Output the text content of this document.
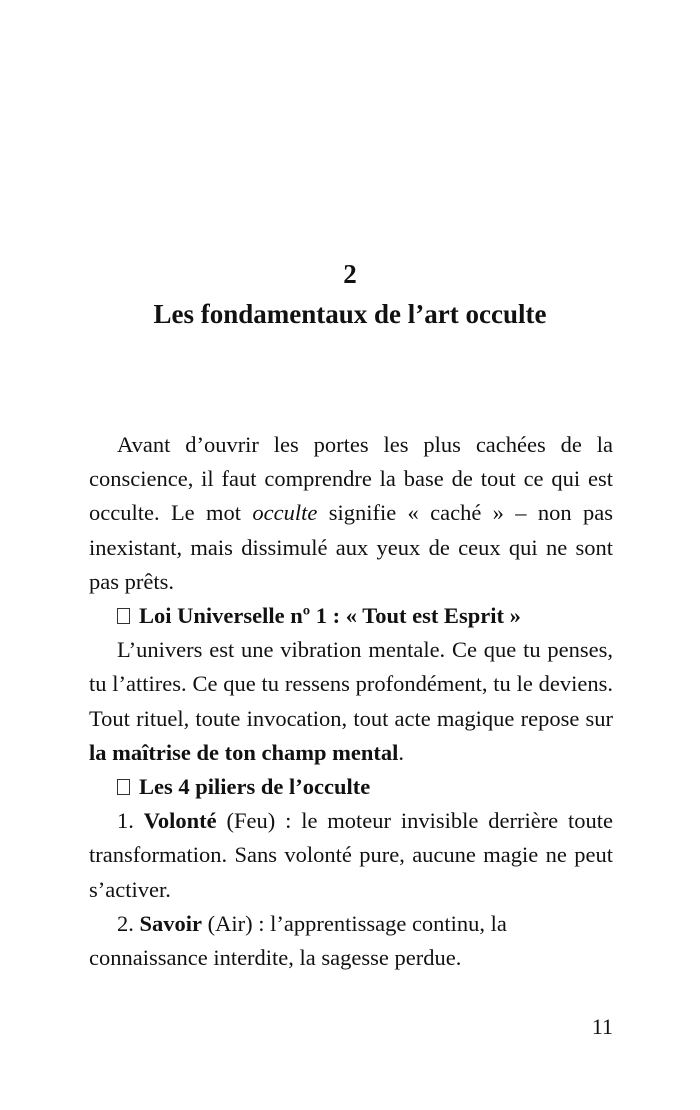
2
Les fondamentaux de l’art occulte

Avant d’ouvrir les portes les plus cachées de la conscience, il faut comprendre la base de tout ce qui est occulte. Le mot occulte signifie « caché » – non pas inexistant, mais dissimulé aux yeux de ceux qui ne sont pas prêts.

Loi Universelle nº 1 : « Tout est Esprit »

L’univers est une vibration mentale. Ce que tu penses, tu l’attires. Ce que tu ressens profondément, tu le deviens. Tout rituel, toute invocation, tout acte magique repose sur la maîtrise de ton champ mental.

Les 4 piliers de l’occulte

1. Volonté (Feu) : le moteur invisible derrière toute transformation. Sans volonté pure, aucune magie ne peut s’activer.

2. Savoir (Air) : l’apprentissage continu, la connaissance interdite, la sagesse perdue.

11
